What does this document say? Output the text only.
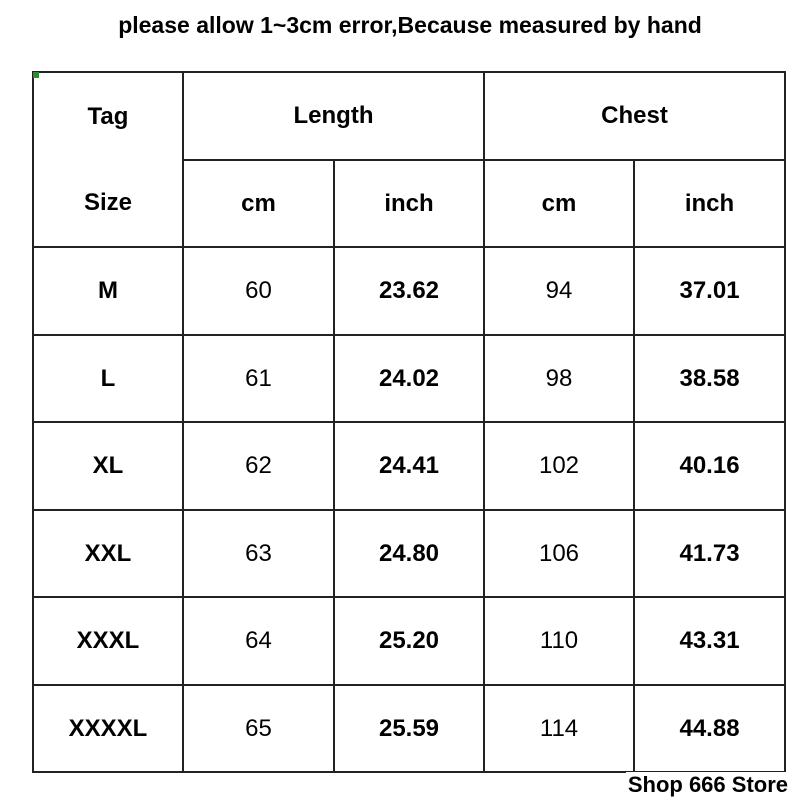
please allow 1~3cm error,Because measured by hand
Tag	Length		Chest	
Size	cm	inch	cm	inch
M	60	23.62	94	37.01
L	61	24.02	98	38.58
XL	62	24.41	102	40.16
XXL	63	24.80	106	41.73
XXXL	64	25.20	110	43.31
XXXXL	65	25.59	114	44.88
Shop 666 Store
